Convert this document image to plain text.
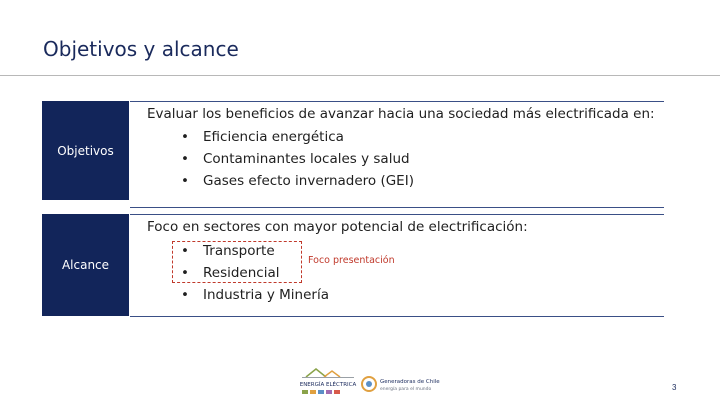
Objetivos y alcance
Objetivos
Alcance
Evaluar los beneficios de avanzar hacia una sociedad más electrificada en:
•	Eficiencia energética
•	Contaminantes locales y salud
•	Gases efecto invernadero (GEI)
Foco en sectores con mayor potencial de electrificación:
•	Transporte
•	Residencial
•	Industria y Minería
Foco presentación
ENERGÍA ELÉCTRICA	Generadoras de Chile
energía para el mundo	3
